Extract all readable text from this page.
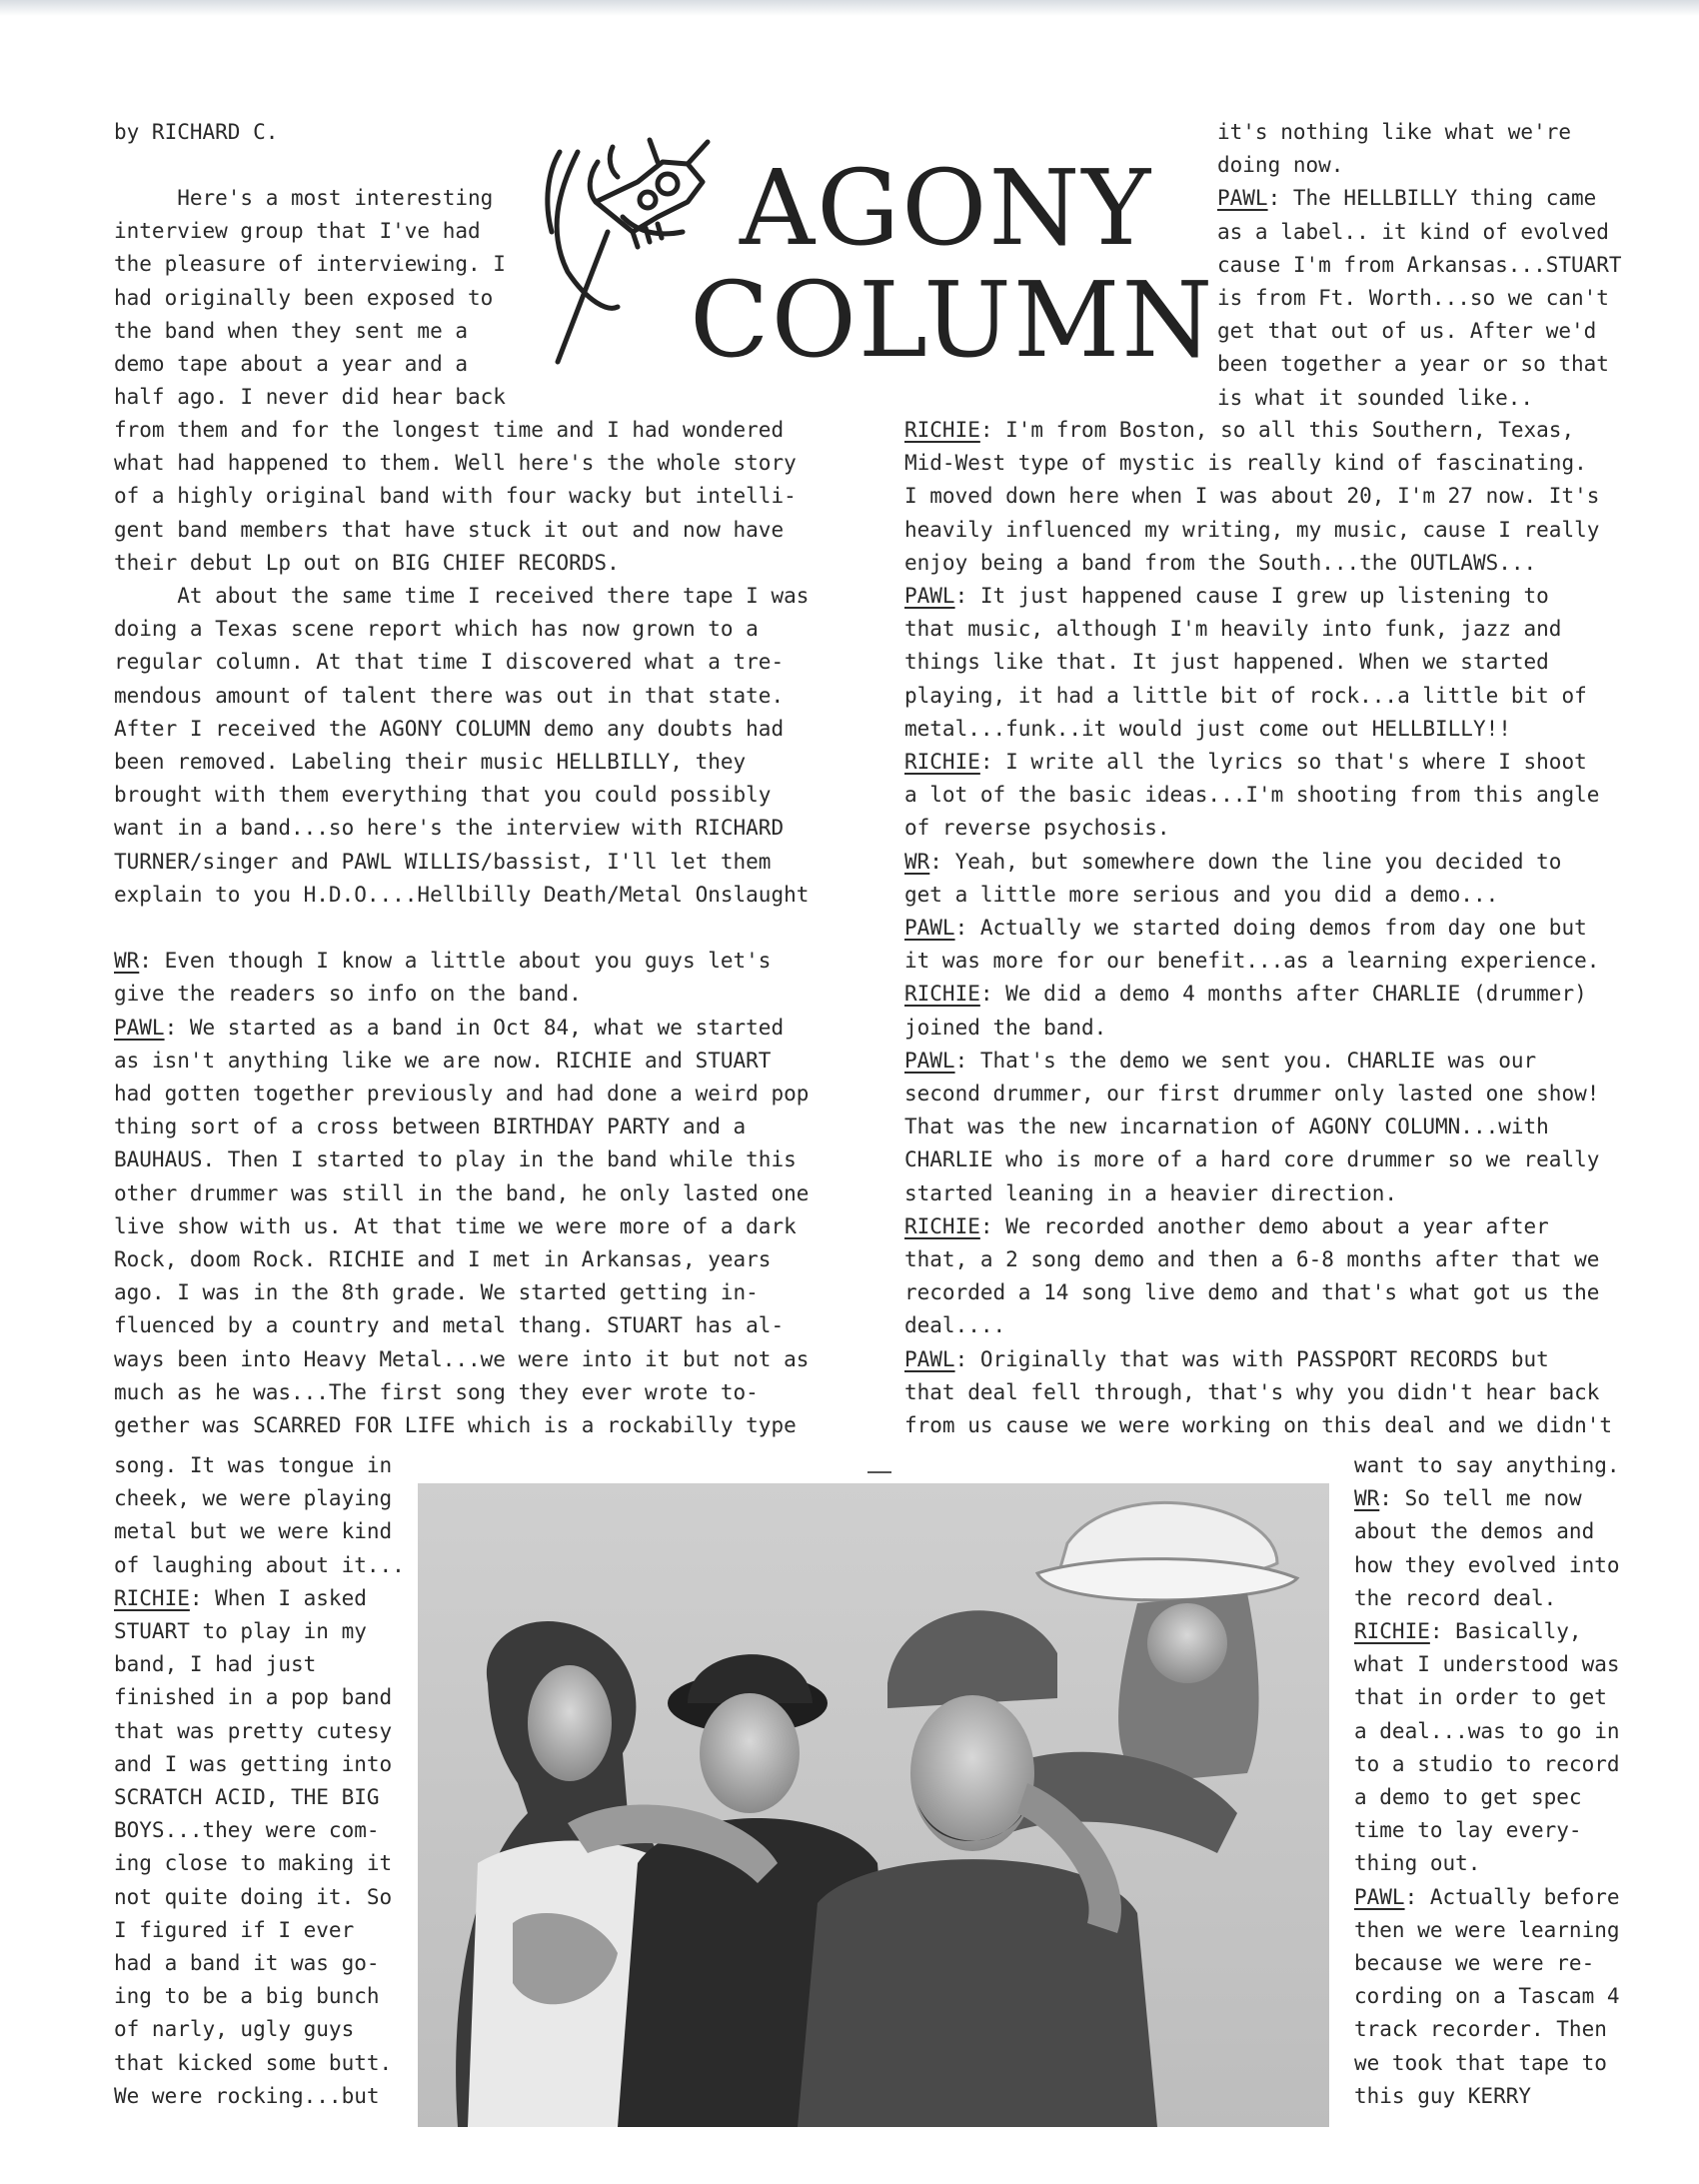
by RICHARD C.
Here's a most interesting
interview group that I've had
the pleasure of interviewing. I
had originally been exposed to
the band when they sent me a
demo tape about a year and a
half ago. I never did hear back
AGONY
COLUMN
from them and for the longest time and I had wondered
what had happened to them. Well here's the whole story
of a highly original band with four wacky but intelli-
gent band members that have stuck it out and now have
their debut Lp out on BIG CHIEF RECORDS.
At about the same time I received there tape I was
doing a Texas scene report which has now grown to a
regular column. At that time I discovered what a tre-
mendous amount of talent there was out in that state.
After I received the AGONY COLUMN demo any doubts had
been removed. Labeling their music HELLBILLY, they
brought with them everything that you could possibly
want in a band...so here's the interview with RICHARD
TURNER/singer and PAWL WILLIS/bassist, I'll let them
explain to you H.D.O....Hellbilly Death/Metal Onslaught

WR: Even though I know a little about you guys let's
give the readers so info on the band.
PAWL: We started as a band in Oct 84, what we started
as isn't anything like we are now. RICHIE and STUART
had gotten together previously and had done a weird pop
thing sort of a cross between BIRTHDAY PARTY and a
BAUHAUS. Then I started to play in the band while this
other drummer was still in the band, he only lasted one
live show with us. At that time we were more of a dark
Rock, doom Rock. RICHIE and I met in Arkansas, years
ago. I was in the 8th grade. We started getting in-
fluenced by a country and metal thang. STUART has al-
ways been into Heavy Metal...we were into it but not as
much as he was...The first song they ever wrote to-
gether was SCARRED FOR LIFE which is a rockabilly type
song. It was tongue in
cheek, we were playing
metal but we were kind
of laughing about it...
RICHIE: When I asked
STUART to play in my
band, I had just
finished in a pop band
that was pretty cutesy
and I was getting into
SCRATCH ACID, THE BIG
BOYS...they were com-
ing close to making it
not quite doing it. So
I figured if I ever
had a band it was go-
ing to be a big bunch
of narly, ugly guys
that kicked some butt.
We were rocking...but
it's nothing like what we're
doing now.
PAWL: The HELLBILLY thing came
as a label.. it kind of evolved
cause I'm from Arkansas...STUART
is from Ft. Worth...so we can't
get that out of us. After we'd
been together a year or so that
is what it sounded like..
RICHIE: I'm from Boston, so all this Southern, Texas,
Mid-West type of mystic is really kind of fascinating.
I moved down here when I was about 20, I'm 27 now. It's
heavily influenced my writing, my music, cause I really
enjoy being a band from the South...the OUTLAWS...
PAWL: It just happened cause I grew up listening to
that music, although I'm heavily into funk, jazz and
things like that. It just happened. When we started
playing, it had a little bit of rock...a little bit of
metal...funk..it would just come out HELLBILLY!!
RICHIE: I write all the lyrics so that's where I shoot
a lot of the basic ideas...I'm shooting from this angle
of reverse psychosis.
WR: Yeah, but somewhere down the line you decided to
get a little more serious and you did a demo...
PAWL: Actually we started doing demos from day one but
it was more for our benefit...as a learning experience.
RICHIE: We did a demo 4 months after CHARLIE (drummer)
joined the band.
PAWL: That's the demo we sent you. CHARLIE was our
second drummer, our first drummer only lasted one show!
That was the new incarnation of AGONY COLUMN...with
CHARLIE who is more of a hard core drummer so we really
started leaning in a heavier direction.
RICHIE: We recorded another demo about a year after
that, a 2 song demo and then a 6-8 months after that we
recorded a 14 song live demo and that's what got us the
deal....
PAWL: Originally that was with PASSPORT RECORDS but
that deal fell through, that's why you didn't hear back
from us cause we were working on this deal and we didn't
want to say anything.
WR: So tell me now
about the demos and
how they evolved into
the record deal.
RICHIE: Basically,
what I understood was
that in order to get
a deal...was to go in
to a studio to record
a demo to get spec
time to lay every-
thing out.
PAWL: Actually before
then we were learning
because we were re-
cording on a Tascam 4
track recorder. Then
we took that tape to
this guy KERRY
